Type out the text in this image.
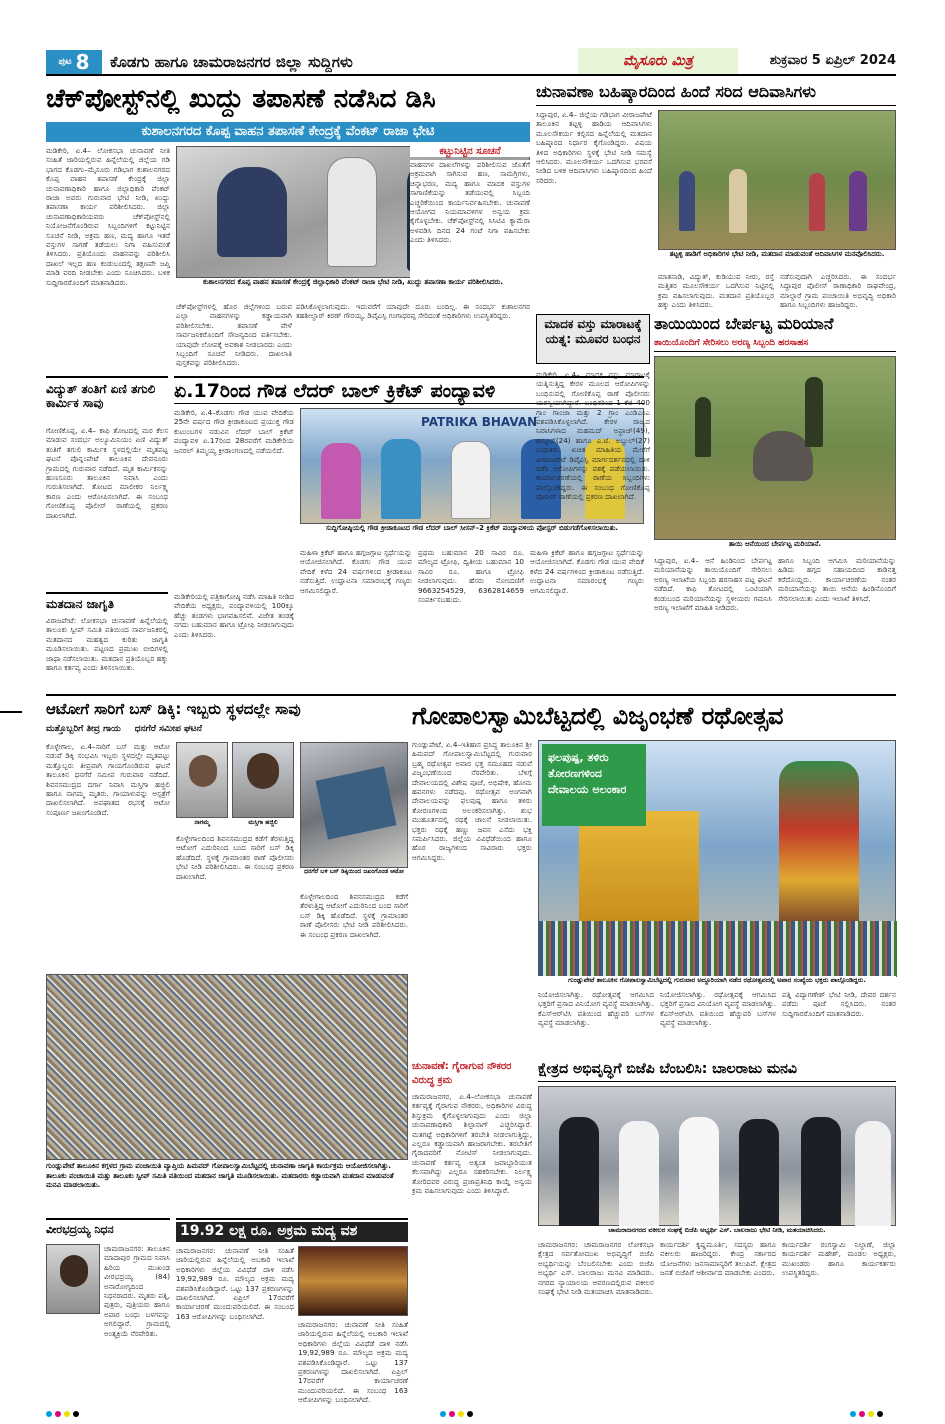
ಪುಟ 8 ಕೊಡಗು ಹಾಗೂ ಚಾಮರಾಜನಗರ ಜಿಲ್ಲಾ ಸುದ್ದಿಗಳು	ಮೈಸೂರು ಮಿತ್ರ	ಶುಕ್ರವಾರ 5 ಏಪ್ರಿಲ್ 2024
ಚೆಕ್‌ಪೋಸ್ಟ್‌ನಲ್ಲಿ ಖುದ್ದು ತಪಾಸಣೆ ನಡೆಸಿದ ಡಿಸಿ
ಕುಶಾಲನಗರದ ಕೊಪ್ಪ ವಾಹನ ತಪಾಸಣೆ ಕೇಂದ್ರಕ್ಕೆ ವೆಂಕಟ್ ರಾಜಾ ಭೇಟಿ
ಮಡಿಕೇರಿ, ಏ.4– ಲೋಕಸಭಾ ಚುನಾವಣೆ ನೀತಿ ಸಂಹಿತೆ ಜಾರಿಯಲ್ಲಿರುವ ಹಿನ್ನೆಲೆಯಲ್ಲಿ ಜಿಲ್ಲೆಯ ಗಡಿ ಭಾಗದ ಕೊಡಗು–ಮೈಸೂರು ಗಡಿಭಾಗ ಕುಶಾಲನಗರದ ಕೊಪ್ಪ ವಾಹನ ತಪಾಸಣೆ ಕೇಂದ್ರಕ್ಕೆ ಜಿಲ್ಲಾ ಚುನಾವಣಾಧಿಕಾರಿ ಹಾಗೂ ಜಿಲ್ಲಾಧಿಕಾರಿ ವೆಂಕಟ್ ರಾಜಾ ಅವರು ಗುರುವಾರ ಭೇಟಿ ನೀಡಿ, ಖುದ್ದು ತಪಾಸಣಾ ಕಾರ್ಯ ಪರಿಶೀಲಿಸಿದರು. ಜಿಲ್ಲಾ ಚುನಾವಣಾಧಿಕಾರಿಯವರು ಚೆಕ್‌ಪೋಸ್ಟ್‌ನಲ್ಲಿ ನಿಯೋಜನೆಗೊಂಡಿರುವ ಸಿಬ್ಬಂದಿಗಳಿಗೆ ಕಟ್ಟುನಿಟ್ಟಿನ ಸೂಚನೆ ನೀಡಿ, ಅಕ್ರಮ ಹಣ, ಮದ್ಯ ಹಾಗೂ ಇತರೆ ವಸ್ತುಗಳ ಸಾಗಣೆ ತಡೆಯಲು ನಿಗಾ ವಹಿಸುವಂತೆ ತಿಳಿಸಿದರು. ಪ್ರತಿಯೊಂದು ವಾಹನವನ್ನು ಪರಿಶೀಲಿಸಿ ದಾಖಲೆ ಇಲ್ಲದ ಹಣ ಕಂಡುಬಂದಲ್ಲಿ ತಕ್ಷಣವೇ ಜಪ್ತಿ ಮಾಡಿ ವರದಿ ನೀಡಬೇಕು ಎಂದು ಸೂಚಿಸಿದರು. ಬಳಿಕ ಸುದ್ದಿಗಾರರೊಂದಿಗೆ ಮಾತನಾಡಿದರು.	ಕುಶಾಲನಗರದ ಕೊಪ್ಪ ವಾಹನ ತಪಾಸಣೆ ಕೇಂದ್ರಕ್ಕೆ ಜಿಲ್ಲಾಧಿಕಾರಿ ವೆಂಕಟ್ ರಾಜಾ ಭೇಟಿ ನೀಡಿ, ಖುದ್ದು ತಪಾಸಣಾ ಕಾರ್ಯ ಪರಿಶೀಲಿಸಿದರು.
ಕಟ್ಟುನಿಟ್ಟಿನ ಸೂಚನೆ
ವಾಹನಗಳ ದಾಖಲೆಗಳನ್ನು ಪರಿಶೀಲಿಸುವ ಜೊತೆಗೆ ಅಕ್ರಮವಾಗಿ ಸಾಗಿಸುವ ಹಣ, ಸಾಮಗ್ರಿಗಳು, ಚಿನ್ನಾಭರಣ, ಮದ್ಯ ಹಾಗೂ ಮಾದಕ ವಸ್ತುಗಳ ಸಾಗಾಣಿಕೆಯನ್ನು ತಡೆಯುವಲ್ಲಿ ಸಿಬ್ಬಂದಿ ಎಚ್ಚರಿಕೆಯಿಂದ ಕಾರ್ಯನಿರ್ವಹಿಸಬೇಕು. ಚುನಾವಣೆ ಆಯೋಗದ ನಿಯಮಾವಳಿಗಳ ಅನ್ವಯ ಕ್ರಮ ಕೈಗೊಳ್ಳಬೇಕು. ಚೆಕ್‌ಪೋಸ್ಟ್‌ನಲ್ಲಿ ಸಿಸಿಟಿವಿ ಕ್ಯಾಮೆರಾ ಅಳವಡಿಸಿ ದಿನದ 24 ಗಂಟೆ ನಿಗಾ ವಹಿಸಬೇಕು ಎಂದು ತಿಳಿಸಿದರು.
ಚೆಕ್‌ಪೋಸ್ಟ್‌ಗಳಲ್ಲಿ ಹೊರ ಜಿಲ್ಲೆಗಳಿಂದ ಬರುವ ಎಲ್ಲಾ ವಾಹನಗಳನ್ನು ಕಡ್ಡಾಯವಾಗಿ ಪರಿಶೀಲಿಸಬೇಕು. ತಪಾಸಣೆ ವೇಳೆ ಸಾರ್ವಜನಿಕರೊಂದಿಗೆ ಸೌಜನ್ಯದಿಂದ ವರ್ತಿಸಬೇಕು. ಯಾವುದೇ ಲೋಪಕ್ಕೆ ಅವಕಾಶ ನೀಡಬಾರದು ಎಂದು ಸಿಬ್ಬಂದಿಗೆ ಸೂಚನೆ ನೀಡಿದರು. ದಾಖಲಾತಿ ಪುಸ್ತಕವನ್ನು ಪರಿಶೀಲಿಸಿದರು.
ಪಡಿಸಿಕೊಳ್ಳಲಾಗುವುದು. ಇದುವರೆಗೆ ಯಾವುದೇ ದೂರು ಬಂದಿಲ್ಲ. ಈ ಸಂದರ್ಭ ಕುಶಾಲನಗರ ತಹಶೀಲ್ದಾರ್ ಕಿರಣ್ ಗೌರಯ್ಯ, ಡಿವೈಎಸ್ಪಿ ಗಂಗಾಧರಪ್ಪ ಸೇರಿದಂತೆ ಅಧಿಕಾರಿಗಳು ಉಪಸ್ಥಿತರಿದ್ದರು.
ಚುನಾವಣಾ ಬಹಿಷ್ಕಾರದಿಂದ ಹಿಂದೆ ಸರಿದ ಆದಿವಾಸಿಗಳು
ಸಿದ್ದಾಪುರ, ಏ.4– ಜಿಲ್ಲೆಯ ಗಡಿಭಾಗ ವೀರಾಜಪೇಟೆ ತಾಲೂಕಿನ ತಟ್ಟಳ್ಳಿ ಹಾಡಿಯ ಆದಿವಾಸಿಗಳು ಮೂಲಸೌಕರ್ಯ ಕಲ್ಪಿಸದ ಹಿನ್ನೆಲೆಯಲ್ಲಿ ಮತದಾನ ಬಹಿಷ್ಕಾರದ ನಿರ್ಧಾರ ಕೈಗೊಂಡಿದ್ದರು. ವಿಷಯ ತಿಳಿದ ಅಧಿಕಾರಿಗಳು ಸ್ಥಳಕ್ಕೆ ಭೇಟಿ ನೀಡಿ ಸಮಸ್ಯೆ ಆಲಿಸಿದರು. ಮೂಲಸೌಕರ್ಯ ಒದಗಿಸುವ ಭರವಸೆ ನೀಡಿದ ಬಳಿಕ ಆದಿವಾಸಿಗಳು ಬಹಿಷ್ಕಾರದಿಂದ ಹಿಂದೆ ಸರಿದರು.
ತಟ್ಟಳ್ಳಿ ಹಾಡಿಗೆ ಅಧಿಕಾರಿಗಳ ಭೇಟಿ ನೀಡಿ, ಮತದಾನ ಮಾಡುವಂತೆ ಆದಿವಾಸಿಗಳ ಮನವೊಲಿಸಿದರು.
ಮಾತನಾಡಿ, ವಿದ್ಯುತ್, ಕುಡಿಯುವ ನೀರು, ರಸ್ತೆ ಮತ್ತಿತರ ಮೂಲಸೌಕರ್ಯ ಒದಗಿಸುವ ನಿಟ್ಟಿನಲ್ಲಿ ಕ್ರಮ ವಹಿಸಲಾಗುವುದು. ಮತದಾನ ಪ್ರತಿಯೊಬ್ಬರ ಹಕ್ಕು ಎಂದು ತಿಳಿಸಿದರು.
ನಡೆಸುವುದಾಗಿ ಎಚ್ಚರಿಸಿದರು. ಈ ಸಂದರ್ಭ ಸಿದ್ದಾಪುರ ಪೊಲೀಸ್ ಠಾಣಾಧಿಕಾರಿ ರಾಘವೇಂದ್ರ, ಮಾಲ್ದಾರೆ ಗ್ರಾಮ ಪಂಚಾಯಿತಿ ಅಭಿವೃದ್ಧಿ ಅಧಿಕಾರಿ ಹಾಗೂ ಸಿಬ್ಬಂದಿಗಳು ಹಾಜರಿದ್ದರು.
ವಿದ್ಯುತ್ ತಂತಿಗೆ ಏಣಿ ತಗುಲಿ ಕಾರ್ಮಿಕ ಸಾವು
ಗೋಣಿಕೊಪ್ಪ, ಏ.4– ಕಾಫಿ ತೋಟದಲ್ಲಿ ಮರ ಕೆಲಸ ಮಾಡುವ ಸಂದರ್ಭ ಅಲ್ಯೂಮಿನಿಯಂ ಏಣಿ ವಿದ್ಯುತ್ ತಂತಿಗೆ ತಗುಲಿ ಕಾರ್ಮಿಕ ಸ್ಥಳದಲ್ಲಿಯೇ ಮೃತಪಟ್ಟ ಘಟನೆ ಪೊನ್ನಂಪೇಟೆ ತಾಲೂಕಿನ ದೇವನೂರು ಗ್ರಾಮದಲ್ಲಿ ಗುರುವಾರ ನಡೆದಿದೆ. ಮೃತ ಕಾರ್ಮಿಕನನ್ನು ಹುಣಸೂರು ತಾಲೂಕಿನ ನಿವಾಸಿ ಎಂದು ಗುರುತಿಸಲಾಗಿದೆ. ತೋಟದ ಮಾಲೀಕರ ನಿರ್ಲಕ್ಷ್ಯ ಕಾರಣ ಎಂದು ಆರೋಪಿಸಲಾಗಿದೆ. ಈ ಸಂಬಂಧ ಗೋಣಿಕೊಪ್ಪ ಪೊಲೀಸ್ ಠಾಣೆಯಲ್ಲಿ ಪ್ರಕರಣ ದಾಖಲಾಗಿದೆ.
ಏ.17ರಿಂದ ಗೌಡ ಲೆದರ್ ಬಾಲ್ ಕ್ರಿಕೆಟ್ ಪಂದ್ಯಾವಳಿ
ಮಡಿಕೇರಿ, ಏ.4–ಕೊಡಗು ಗೌಡ ಯುವ ವೇದಿಕೆಯ 25ನೇ ವರ್ಷದ ಗೌಡ ಕ್ರೀಡಾಕೂಟದ ಪ್ರಯುಕ್ತ ಗೌಡ ಕುಟುಂಬಗಳ ನಡುವಿನ ಲೆದರ್ ಬಾಲ್ ಕ್ರಿಕೆಟ್ ಪಂದ್ಯಾವಳಿ ಏ.17ರಿಂದ 28ರವರೆಗೆ ಮಡಿಕೇರಿಯ ಜನರಲ್ ತಿಮ್ಮಯ್ಯ ಕ್ರೀಡಾಂಗಣದಲ್ಲಿ ನಡೆಯಲಿದೆ.
PATRIKA BHAVAN
ಸುದ್ದಿಗೋಷ್ಠಿಯಲ್ಲಿ ಗೌಡ ಕ್ರೀಡಾಕೂಟದ ಗೌಡ ಲೆದರ್ ಬಾಲ್ ಸೀಸನ್–2 ಕ್ರಿಕೆಟ್ ಪಂದ್ಯಾವಳಿಯ ಪೋಸ್ಟರ್ ಬಿಡುಗಡೆಗೊಳಿಸಲಾಯಿತು.
ಮಡಿಕೇರಿಯಲ್ಲಿ ಪತ್ರಿಕಾಗೋಷ್ಠಿ ನಡೆಸಿ ಮಾಹಿತಿ ನೀಡಿದ ವೇದಿಕೆಯ ಅಧ್ಯಕ್ಷರು, ಪಂದ್ಯಾವಳಿಯಲ್ಲಿ 100ಕ್ಕೂ ಹೆಚ್ಚು ತಂಡಗಳು ಭಾಗವಹಿಸಲಿವೆ. ವಿಜೇತ ತಂಡಕ್ಕೆ ನಗದು ಬಹುಮಾನ ಹಾಗೂ ಟ್ರೋಫಿ ನೀಡಲಾಗುವುದು ಎಂದು ತಿಳಿಸಿದರು.
ಮಹಿಳಾ ಕ್ರಿಕೆಟ್ ಹಾಗೂ ಹಗ್ಗಜಗ್ಗಾಟ ಸ್ಪರ್ಧೆಯನ್ನು ಆಯೋಜಿಸಲಾಗಿದೆ. ಕೊಡಗು ಗೌಡ ಯುವ ವೇದಿಕೆ ಕಳೆದ 24 ವರ್ಷಗಳಿಂದ ಕ್ರೀಡಾಕೂಟ ನಡೆಸುತ್ತಿದೆ. ಉದ್ಘಾಟನಾ ಸಮಾರಂಭಕ್ಕೆ ಗಣ್ಯರು ಆಗಮಿಸಲಿದ್ದಾರೆ.
ಪ್ರಥಮ ಬಹುಮಾನ 20 ಸಾವಿರ ರೂ. ಮೌಲ್ಯದ ಟ್ರೋಫಿ, ದ್ವಿತೀಯ ಬಹುಮಾನ 10 ಸಾವಿರ ರೂ. ಹಾಗೂ ಟ್ರೋಫಿ ನೀಡಲಾಗುವುದು. ಹೆಸರು ನೋಂದಣಿಗೆ 9663254529, 6362814659 ಸಂಪರ್ಕಿಸಬಹುದು.
ಮಹಿಳಾ ಕ್ರಿಕೆಟ್ ಹಾಗೂ ಹಗ್ಗಜಗ್ಗಾಟ ಸ್ಪರ್ಧೆಯನ್ನು ಆಯೋಜಿಸಲಾಗಿದೆ. ಕೊಡಗು ಗೌಡ ಯುವ ವೇದಿಕೆ ಕಳೆದ 24 ವರ್ಷಗಳಿಂದ ಕ್ರೀಡಾಕೂಟ ನಡೆಸುತ್ತಿದೆ. ಉದ್ಘಾಟನಾ ಸಮಾರಂಭಕ್ಕೆ ಗಣ್ಯರು ಆಗಮಿಸಲಿದ್ದಾರೆ.
ಮಾದಕ ವಸ್ತು ಮಾರಾಟಕ್ಕೆ ಯತ್ನ: ಮೂವರ ಬಂಧನ
ಮಡಿಕೇರಿ, ಏ.4– ಮಾದಕ ವಸ್ತು ಮಾರಾಟಕ್ಕೆ ಯತ್ನಿಸುತ್ತಿದ್ದ ಕೇರಳ ಮೂಲದ ಆರೋಪಿಗಳನ್ನು ಬಂಧಿಸುವಲ್ಲಿ ಗೋಣಿಕೊಪ್ಪ ಠಾಣೆ ಪೊಲೀಸರು ಯಶಸ್ವಿಯಾಗಿದ್ದಾರೆ. ಬಂಧಿತರಿಂದ 1 ಕೆಜಿ 400 ಗ್ರಾಂ ಗಾಂಜಾ ಮತ್ತು 2 ಗ್ರಾಂ ಎಂಡಿಎಂಎ ವಶಪಡಿಸಿಕೊಳ್ಳಲಾಗಿದೆ. ಕೇರಳ ರಾಜ್ಯದ ನಿವಾಸಿಗಳಾದ ಮಹಮದ್ ಅಫ್ರಾಜ್(49), ಶಮ್ಶೀರ್(24) ಹಾಗೂ ಎ.ಟಿ. ಅಬ್ದುಲ್(27) ಬಂಧಿತರು. ಖಚಿತ ಮಾಹಿತಿಯ ಮೇರೆಗೆ ವೀರಾಜಪೇಟೆ ಡಿವೈಎಸ್ಪಿ ಮಾರ್ಗದರ್ಶನದಲ್ಲಿ ದಾಳಿ ನಡೆಸಿ ಆರೋಪಿಗಳನ್ನು ವಶಕ್ಕೆ ಪಡೆಯಲಾಯಿತು. ಕಾರ್ಯಾಚರಣೆಯಲ್ಲಿ ಠಾಣೆಯ ಸಿಬ್ಬಂದಿಗಳು ಪಾಲ್ಗೊಂಡಿದ್ದರು. ಈ ಸಂಬಂಧ ಗೋಣಿಕೊಪ್ಪ ಪೊಲೀಸ್ ಠಾಣೆಯಲ್ಲಿ ಪ್ರಕರಣ ದಾಖಲಾಗಿದೆ.
ತಾಯಿಯಿಂದ ಬೇರ್ಪಟ್ಟ ಮರಿಯಾನೆ
ತಾಯಿಯೊಂದಿಗೆ ಸೇರಿಸಲು ಅರಣ್ಯ ಸಿಬ್ಬಂದಿ ಹರಸಾಹಸ
ತಾಯಿ ಆನೆಯಿಂದ ಬೇರ್ಪಟ್ಟ ಮರಿಯಾನೆ.
ಸಿದ್ದಾಪುರ, ಏ.4– ಆನೆ ಹಿಂಡಿನಿಂದ ಬೇರ್ಪಟ್ಟ ಮರಿಯಾನೆಯನ್ನು ತಾಯಿಯೊಂದಿಗೆ ಸೇರಿಸಲು ಅರಣ್ಯ ಇಲಾಖೆಯ ಸಿಬ್ಬಂದಿ ಹರಸಾಹಸ ಪಟ್ಟ ಘಟನೆ ನಡೆದಿದೆ. ಕಾಫಿ ತೋಟದಲ್ಲಿ ಒಂಟಿಯಾಗಿ ಕಂಡುಬಂದ ಮರಿಯಾನೆಯನ್ನು ಸ್ಥಳೀಯರು ಗಮನಿಸಿ ಅರಣ್ಯ ಇಲಾಖೆಗೆ ಮಾಹಿತಿ ನೀಡಿದರು.
ಹಾಗೂ ಸಿಬ್ಬಂದಿ ಆಗಮಿಸಿ ಮರಿಯಾನೆಯನ್ನು ಹಿಡಿದು ಹಗ್ಗದ ಸಹಾಯದಿಂದ ಕಾಡಿನತ್ತ ಕರೆದೊಯ್ದರು. ಕಾರ್ಯಾಚರಣೆಯ ನಂತರ ಮರಿಯಾನೆಯನ್ನು ತಾಯಿ ಆನೆಯ ಹಿಂಡಿನೊಂದಿಗೆ ಸೇರಿಸಲಾಯಿತು ಎಂದು ಇಲಾಖೆ ತಿಳಿಸಿದೆ.
ಮತದಾನ ಜಾಗೃತಿ
ವಿರಾಜಪೇಟೆ: ಲೋಕಸಭಾ ಚುನಾವಣೆ ಹಿನ್ನೆಲೆಯಲ್ಲಿ ತಾಲೂಕು ಸ್ವೀಪ್ ಸಮಿತಿ ವತಿಯಿಂದ ಸಾರ್ವಜನಿಕರಲ್ಲಿ ಮತದಾನದ ಮಹತ್ವದ ಕುರಿತು ಜಾಗೃತಿ ಮೂಡಿಸಲಾಯಿತು. ಪಟ್ಟಣದ ಪ್ರಮುಖ ಬೀದಿಗಳಲ್ಲಿ ಜಾಥಾ ನಡೆಸಲಾಯಿತು. ಮತದಾನ ಪ್ರತಿಯೊಬ್ಬರ ಹಕ್ಕು ಹಾಗೂ ಕರ್ತವ್ಯ ಎಂದು ತಿಳಿಸಲಾಯಿತು.
ಆಟೋಗೆ ಸಾರಿಗೆ ಬಸ್ ಡಿಕ್ಕಿ: ಇಬ್ಬರು ಸ್ಥಳದಲ್ಲೇ ಸಾವು
ಮತ್ತೊಬ್ಬರಿಗೆ ತೀವ್ರ ಗಾಯ ಧನಗೆರೆ ಸಮೀಪ ಘಟನೆ
ಕೊಳ್ಳೇಗಾಲ, ಏ.4–ಸಾರಿಗೆ ಬಸ್ ಮತ್ತು ಆಟೋ ನಡುವೆ ಡಿಕ್ಕಿ ಸಂಭವಿಸಿ ಇಬ್ಬರು ಸ್ಥಳದಲ್ಲೇ ಮೃತಪಟ್ಟು ಮತ್ತೊಬ್ಬರು ತೀವ್ರವಾಗಿ ಗಾಯಗೊಂಡಿರುವ ಘಟನೆ ತಾಲೂಕಿನ ಧನಗೆರೆ ಸಮೀಪ ಗುರುವಾರ ನಡೆದಿದೆ. ಶಿವನಸಮುದ್ರದ ದರ್ಗಾ ನಿವಾಸಿ ಮಸ್ತಿಗಾ ಹಜ್ಜಿಲಿ ಹಾಗೂ ನಾಗಮ್ಮ ಮೃತರು. ಗಾಯಾಳುವನ್ನು ಆಸ್ಪತ್ರೆಗೆ ದಾಖಲಿಸಲಾಗಿದೆ. ಅಪಘಾತದ ರಭಸಕ್ಕೆ ಆಟೋ ಸಂಪೂರ್ಣ ಜಖಂಗೊಂಡಿದೆ.
ನಾಗಮ್ಮ	ಮಸ್ತಿಗಾ ಹಜ್ಜಿಲಿ
ಧನಗೆರೆ ಬಳಿ ಬಸ್ ಡಿಕ್ಕಿಯಿಂದ ಜಖಂಗೊಂಡ ಆಟೋ
ಕೊಳ್ಳೇಗಾಲದಿಂದ ಶಿವನಸಮುದ್ರದ ಕಡೆಗೆ ತೆರಳುತ್ತಿದ್ದ ಆಟೋಗೆ ಎದುರಿನಿಂದ ಬಂದ ಸಾರಿಗೆ ಬಸ್ ಡಿಕ್ಕಿ ಹೊಡೆದಿದೆ. ಸ್ಥಳಕ್ಕೆ ಗ್ರಾಮಾಂತರ ಠಾಣೆ ಪೊಲೀಸರು ಭೇಟಿ ನೀಡಿ ಪರಿಶೀಲಿಸಿದರು. ಈ ಸಂಬಂಧ ಪ್ರಕರಣ ದಾಖಲಾಗಿದೆ.
ಕೊಳ್ಳೇಗಾಲದಿಂದ ಶಿವನಸಮುದ್ರದ ಕಡೆಗೆ ತೆರಳುತ್ತಿದ್ದ ಆಟೋಗೆ ಎದುರಿನಿಂದ ಬಂದ ಸಾರಿಗೆ ಬಸ್ ಡಿಕ್ಕಿ ಹೊಡೆದಿದೆ. ಸ್ಥಳಕ್ಕೆ ಗ್ರಾಮಾಂತರ ಠಾಣೆ ಪೊಲೀಸರು ಭೇಟಿ ನೀಡಿ ಪರಿಶೀಲಿಸಿದರು. ಈ ಸಂಬಂಧ ಪ್ರಕರಣ ದಾಖಲಾಗಿದೆ.
ಗುಂಡ್ಲುಪೇಟೆ ತಾಲೂಕಿನ ಕಗ್ಗಳದ ಗ್ರಾಮ ಪಂಚಾಯಿತಿ ವ್ಯಾಪ್ತಿಯ ಹಿಮವದ್ ಗೋಪಾಲಸ್ವಾಮಿಬೆಟ್ಟದಲ್ಲಿ ಚುನಾವಣಾ ಜಾಗೃತಿ ಕಾರ್ಯಕ್ರಮ ಆಯೋಜಿಸಲಾಗಿತ್ತು. ತಾಲೂಕು ಪಂಚಾಯಿತಿ ಮತ್ತು ತಾಲೂಕು ಸ್ವೀಪ್ ಸಮಿತಿ ವತಿಯಿಂದ ಮತದಾನ ಜಾಗೃತಿ ಮೂಡಿಸಲಾಯಿತು. ಮತದಾರರು ಕಡ್ಡಾಯವಾಗಿ ಮತದಾನ ಮಾಡುವಂತೆ ಮನವಿ ಮಾಡಲಾಯಿತು.
ಗೋಪಾಲಸ್ವಾಮಿಬೆಟ್ಟದಲ್ಲಿ ವಿಜೃಂಭಣೆ ರಥೋತ್ಸವ
ಗುಂಡ್ಲುಪೇಟೆ, ಏ.4–ಇತಿಹಾಸ ಪ್ರಸಿದ್ಧ ತಾಲೂಕಿನ ಶ್ರೀ ಹಿಮವದ್ ಗೋಪಾಲಸ್ವಾಮಿಬೆಟ್ಟದಲ್ಲಿ ಗುರುವಾರ ಬ್ರಹ್ಮ ರಥೋತ್ಸವ ಅಪಾರ ಭಕ್ತ ಸಮೂಹದ ನಡುವೆ ವಿಜೃಂಭಣೆಯಿಂದ ನೆರವೇರಿತು. ಬೆಳಿಗ್ಗೆ ದೇವಾಲಯದಲ್ಲಿ ವಿಶೇಷ ಪೂಜೆ, ಅಭಿಷೇಕ, ಹೋಮ ಹವನಗಳು ನಡೆದವು. ರಥೋತ್ಸವ ಅಂಗವಾಗಿ ದೇವಾಲಯವನ್ನು ಫಲಪುಷ್ಪ ಹಾಗೂ ತಳಿರು ತೋರಣಗಳಿಂದ ಅಲಂಕರಿಸಲಾಗಿತ್ತು. ಶುಭ ಮುಹೂರ್ತದಲ್ಲಿ ರಥಕ್ಕೆ ಚಾಲನೆ ನೀಡಲಾಯಿತು. ಭಕ್ತರು ರಥಕ್ಕೆ ಹಣ್ಣು ಜವನ ಎಸೆದು ಭಕ್ತಿ ಸಮರ್ಪಿಸಿದರು. ಜಿಲ್ಲೆಯ ವಿವಿಧೆಡೆಯಿಂದ ಹಾಗೂ ಹೊರ ರಾಜ್ಯಗಳಿಂದ ಸಾವಿರಾರು ಭಕ್ತರು ಆಗಮಿಸಿದ್ದರು.
ಫಲಪುಷ್ಪ, ತಳಿರು ತೋರಣಗಳಿಂದ ದೇವಾಲಯ ಅಲಂಕಾರ
ಗುಂಡ್ಲುಪೇಟೆ ತಾಲೂಕಿನ ಗೋಪಾಲಸ್ವಾಮಿಬೆಟ್ಟದಲ್ಲಿ ಗುರುವಾರ ಅದ್ದೂರಿಯಾಗಿ ನಡೆದ ರಥೋತ್ಸವದಲ್ಲಿ ಅಪಾರ ಸಂಖ್ಯೆಯ ಭಕ್ತರು ಪಾಲ್ಗೊಂಡಿದ್ದರು.
ನಿಯೋಜಿಸಲಾಗಿತ್ತು. ರಥೋತ್ಸವಕ್ಕೆ ಆಗಮಿಸಿದ ಭಕ್ತರಿಗೆ ಪ್ರಸಾದ ವಿನಿಯೋಗ ವ್ಯವಸ್ಥೆ ಮಾಡಲಾಗಿತ್ತು. ಕೆಎಸ್‌ಆರ್‌ಟಿಸಿ ವತಿಯಿಂದ ಹೆಚ್ಚುವರಿ ಬಸ್‌ಗಳ ವ್ಯವಸ್ಥೆ ಮಾಡಲಾಗಿತ್ತು.
ನಿಯೋಜಿಸಲಾಗಿತ್ತು. ರಥೋತ್ಸವಕ್ಕೆ ಆಗಮಿಸಿದ ಭಕ್ತರಿಗೆ ಪ್ರಸಾದ ವಿನಿಯೋಗ ವ್ಯವಸ್ಥೆ ಮಾಡಲಾಗಿತ್ತು. ಕೆಎಸ್‌ಆರ್‌ಟಿಸಿ ವತಿಯಿಂದ ಹೆಚ್ಚುವರಿ ಬಸ್‌ಗಳ ವ್ಯವಸ್ಥೆ ಮಾಡಲಾಗಿತ್ತು.
ಪತ್ನಿ ವಿದ್ಯಾಗಣೇಶ್ ಭೇಟಿ ನೀಡಿ, ದೇವರ ದರ್ಶನ ಪಡೆದು ಪೂಜೆ ಸಲ್ಲಿಸಿದರು. ನಂತರ ಸುದ್ದಿಗಾರರೊಂದಿಗೆ ಮಾತನಾಡಿದರು.
ಚುನಾವಣೆ: ಗೈರಾಗುವ ನೌಕರರ ವಿರುದ್ಧ ಕ್ರಮ
ಚಾಮರಾಜನಗರ, ಏ.4–ಲೋಕಸಭಾ ಚುನಾವಣೆ ಕರ್ತವ್ಯಕ್ಕೆ ಗೈರಾಗುವ ನೌಕರರು, ಅಧಿಕಾರಿಗಳ ವಿರುದ್ಧ ಶಿಸ್ತುಕ್ರಮ ಕೈಗೊಳ್ಳಲಾಗುವುದು ಎಂದು ಜಿಲ್ಲಾ ಚುನಾವಣಾಧಿಕಾರಿ ಶಿಲ್ಪಾನಾಗ್ ಎಚ್ಚರಿಸಿದ್ದಾರೆ. ಮತಗಟ್ಟೆ ಅಧಿಕಾರಿಗಳಿಗೆ ತರಬೇತಿ ನೀಡಲಾಗುತ್ತಿದ್ದು, ಎಲ್ಲರೂ ಕಡ್ಡಾಯವಾಗಿ ಹಾಜರಾಗಬೇಕು. ತರಬೇತಿಗೆ ಗೈರಾದವರಿಗೆ ನೋಟಿಸ್ ನೀಡಲಾಗುವುದು. ಚುನಾವಣೆ ಕರ್ತವ್ಯ ಅತ್ಯಂತ ಜವಾಬ್ದಾರಿಯುತ ಕೆಲಸವಾಗಿದ್ದು ಎಲ್ಲರೂ ಸಹಕರಿಸಬೇಕು. ನಿರ್ಲಕ್ಷ್ಯ ತೋರಿದವರ ವಿರುದ್ಧ ಪ್ರಜಾಪ್ರತಿನಿಧಿ ಕಾಯ್ದೆ ಅನ್ವಯ ಕ್ರಮ ವಹಿಸಲಾಗುವುದು ಎಂದು ತಿಳಿಸಿದ್ದಾರೆ.
ಕ್ಷೇತ್ರದ ಅಭಿವೃದ್ಧಿಗೆ ಬಿಜೆಪಿ ಬೆಂಬಲಿಸಿ: ಬಾಲರಾಜು ಮನವಿ
ಚಾಮರಾಜನಗರದ ವಕೀಲರ ಸಂಘಕ್ಕೆ ಬಿಜೆಪಿ ಅಭ್ಯರ್ಥಿ ಎಸ್. ಬಾಲರಾಜು ಭೇಟಿ ನೀಡಿ, ಮತಯಾಚಿಸಿದರು.
ಚಾಮರಾಜನಗರ: ಚಾಮರಾಜನಗರ ಲೋಕಸಭಾ ಕ್ಷೇತ್ರದ ಸರ್ವತೋಮುಖ ಅಭಿವೃದ್ಧಿಗೆ ಬಿಜೆಪಿ ಅಭ್ಯರ್ಥಿಯನ್ನು ಬೆಂಬಲಿಸಬೇಕು ಎಂದು ಬಿಜೆಪಿ ಅಭ್ಯರ್ಥಿ ಎಸ್. ಬಾಲರಾಜು ಮನವಿ ಮಾಡಿದರು. ನಗರದ ನ್ಯಾಯಾಲಯ ಆವರಣದಲ್ಲಿರುವ ವಕೀಲರ ಸಂಘಕ್ಕೆ ಭೇಟಿ ನೀಡಿ ಮತಯಾಚಿಸಿ ಮಾತನಾಡಿದರು.
ಕಾರ್ಯದರ್ಶಿ ಕೃಷ್ಣಮೂರ್ತಿ, ಸದಸ್ಯರು ಹಾಗೂ ವಕೀಲರು ಹಾಜರಿದ್ದರು. ಕೇಂದ್ರ ಸರ್ಕಾರದ ಯೋಜನೆಗಳು ಜನಸಾಮಾನ್ಯರಿಗೆ ತಲುಪಿವೆ. ಕ್ಷೇತ್ರದ ಜನತೆ ಬಿಜೆಪಿಗೆ ಆಶೀರ್ವಾದ ಮಾಡಬೇಕು ಎಂದರು.
ಕಾರ್ಯದರ್ಶಿ ರಂಗಸ್ವಾಮಿ ನಿಲ್ದಾಣೆ, ಜಿಲ್ಲಾ ಕಾರ್ಯದರ್ಶಿ ಮಹೇಶ್, ಮಂಡಲ ಅಧ್ಯಕ್ಷರು, ಮುಖಂಡರು ಹಾಗೂ ಕಾರ್ಯಕರ್ತರು ಉಪಸ್ಥಿತರಿದ್ದರು.
ವೀರಭದ್ರಯ್ಯ ನಿಧನ
ಚಾಮರಾಜನಗರ: ತಾಲೂಕಿನ ಮಾದಾಪುರ ಗ್ರಾಮದ ನಿವಾಸಿ ಹಿರಿಯ ಮುಖಂಡ ವೀರಭದ್ರಯ್ಯ (84) ಅನಾರೋಗ್ಯದಿಂದ ನಿಧನರಾದರು. ಮೃತರು ಪತ್ನಿ, ಪುತ್ರರು, ಪುತ್ರಿಯರು ಹಾಗೂ ಅಪಾರ ಬಂಧು ಬಳಗವನ್ನು ಅಗಲಿದ್ದಾರೆ. ಗ್ರಾಮದಲ್ಲಿ ಅಂತ್ಯಕ್ರಿಯೆ ನೆರವೇರಿತು.
19.92 ಲಕ್ಷ ರೂ. ಅಕ್ರಮ ಮದ್ಯ ವಶ
ಚಾಮರಾಜನಗರ: ಚುನಾವಣೆ ನೀತಿ ಸಂಹಿತೆ ಜಾರಿಯಲ್ಲಿರುವ ಹಿನ್ನೆಲೆಯಲ್ಲಿ ಅಬಕಾರಿ ಇಲಾಖೆ ಅಧಿಕಾರಿಗಳು ಜಿಲ್ಲೆಯ ವಿವಿಧೆಡೆ ದಾಳಿ ನಡೆಸಿ 19,92,989 ರೂ. ಮೌಲ್ಯದ ಅಕ್ರಮ ಮದ್ಯ ವಶಪಡಿಸಿಕೊಂಡಿದ್ದಾರೆ. ಒಟ್ಟು 137 ಪ್ರಕರಣಗಳನ್ನು ದಾಖಲಿಸಲಾಗಿದೆ. ಏಪ್ರಿಲ್ 17ರವರೆಗೆ ಕಾರ್ಯಾಚರಣೆ ಮುಂದುವರಿಯಲಿದೆ. ಈ ಸಂಬಂಧ 163 ಆರೋಪಿಗಳನ್ನು ಬಂಧಿಸಲಾಗಿದೆ.
ಚಾಮರಾಜನಗರ: ಚುನಾವಣೆ ನೀತಿ ಸಂಹಿತೆ ಜಾರಿಯಲ್ಲಿರುವ ಹಿನ್ನೆಲೆಯಲ್ಲಿ ಅಬಕಾರಿ ಇಲಾಖೆ ಅಧಿಕಾರಿಗಳು ಜಿಲ್ಲೆಯ ವಿವಿಧೆಡೆ ದಾಳಿ ನಡೆಸಿ 19,92,989 ರೂ. ಮೌಲ್ಯದ ಅಕ್ರಮ ಮದ್ಯ ವಶಪಡಿಸಿಕೊಂಡಿದ್ದಾರೆ. ಒಟ್ಟು 137 ಪ್ರಕರಣಗಳನ್ನು ದಾಖಲಿಸಲಾಗಿದೆ. ಏಪ್ರಿಲ್ 17ರವರೆಗೆ ಕಾರ್ಯಾಚರಣೆ ಮುಂದುವರಿಯಲಿದೆ. ಈ ಸಂಬಂಧ 163 ಆರೋಪಿಗಳನ್ನು ಬಂಧಿಸಲಾಗಿದೆ.
